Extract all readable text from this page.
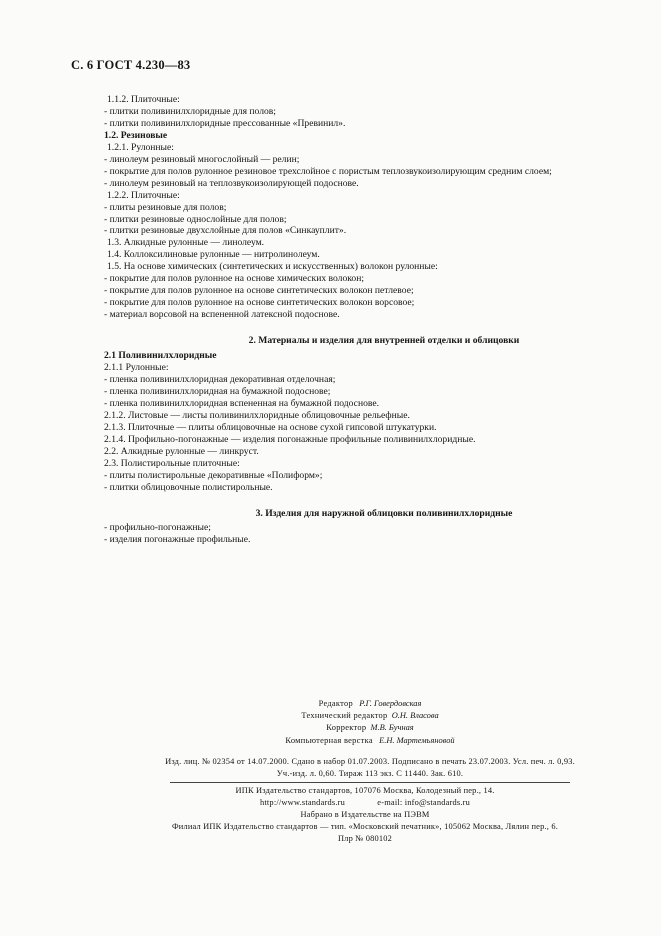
С. 6 ГОСТ 4.230—83
1.1.2. Плиточные:
- плитки поливинилхлоридные для полов;
- плитки поливинилхлоридные прессованные «Превинил».
1.2. Резиновые
1.2.1. Рулонные:
- линолеум резиновый многослойный — релин;
- покрытие для полов рулонное резиновое трехслойное с пористым теплозвукоизолирующим средним слоем;
- линолеум резиновый на теплозвукоизолирующей подоснове.
1.2.2. Плиточные:
- плиты резиновые для полов;
- плитки резиновые однослойные для полов;
- плитки резиновые двухслойные для полов «Синкауплит».
1.3. Алкидные рулонные — линолеум.
1.4. Коллоксилиновые рулонные — нитролинолеум.
1.5. На основе химических (синтетических и искусственных) волокон рулонные:
- покрытие для полов рулонное на основе химических волокон;
- покрытие для полов рулонное на основе синтетических волокон петлевое;
- покрытие для полов рулонное на основе синтетических волокон ворсовое;
- материал ворсовой на вспененной латексной подоснове.
2. Материалы и изделия для внутренней отделки и облицовки
2.1 Поливинилхлоридные
2.1.1 Рулонные:
- пленка поливинилхлоридная декоративная отделочная;
- пленка поливинилхлоридная на бумажной подоснове;
- пленка поливинилхлоридная вспененная на бумажной подоснове.
2.1.2. Листовые — листы поливинилхлоридные облицовочные рельефные.
2.1.3. Плиточные — плиты облицовочные на основе сухой гипсовой штукатурки.
2.1.4. Профильно-погонажные — изделия погонажные профильные поливинилхлоридные.
2.2. Алкидные рулонные — линкруст.
2.3. Полистирольные плиточные:
- плиты полистирольные декоративные «Полиформ»;
- плитки облицовочные полистирольные.
3. Изделия для наружной облицовки поливинилхлоридные
- профильно-погонажные;
- изделия погонажные профильные.
Редактор Р.Г. Говердовская
Технический редактор О.Н. Власова
Корректор М.В. Бучная
Компьютерная верстка Е.Н. Мартемьяновой
Изд. лиц. № 02354 от 14.07.2000. Сдано в набор 01.07.2003. Подписано в печать 23.07.2003. Усл. печ. л. 0,93.
Уч.-изд. л. 0,60. Тираж 113 экз. С 11440. Зак. 610.
ИПК Издательство стандартов, 107076 Москва, Колодезный пер., 14.
http://www.standards.ru	e-mail: info@standards.ru
Набрано в Издательстве на ПЭВМ
Филиал ИПК Издательство стандартов — тип. «Московский печатник», 105062 Москва, Лялин пер., 6.
Плр № 080102
